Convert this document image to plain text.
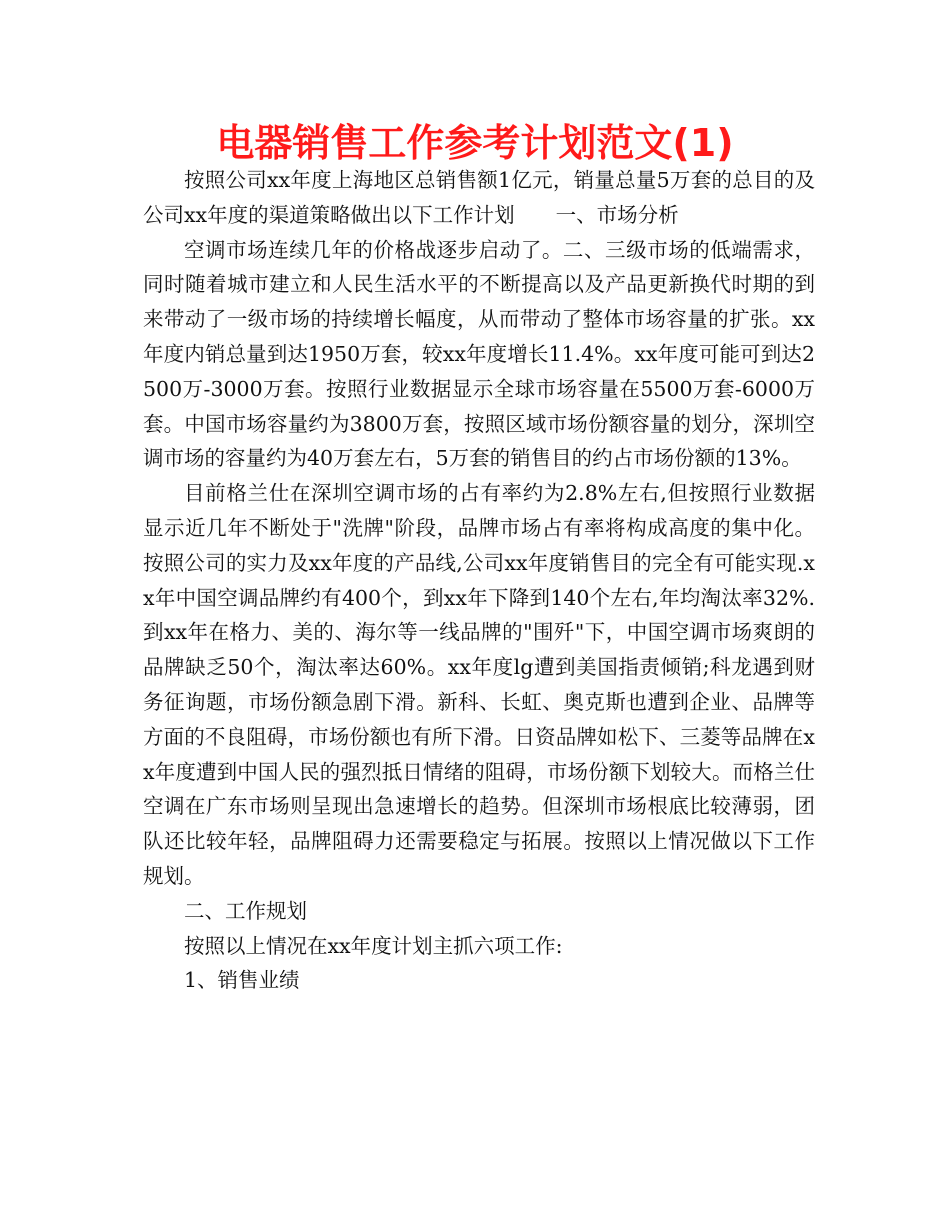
电器销售工作参考计划范文(1)

按照公司xx年度上海地区总销售额1亿元，销量总量5万套的总目的及公司xx年度的渠道策略做出以下工作计划　　一、市场分析

空调市场连续几年的价格战逐步启动了。二、三级市场的低端需求，同时随着城市建立和人民生活水平的不断提高以及产品更新换代时期的到来带动了一级市场的持续增长幅度，从而带动了整体市场容量的扩张。xx年度内销总量到达1950万套，较xx年度增长11.4%。xx年度可能可到达2500万-3000万套。按照行业数据显示全球市场容量在5500万套-6000万套。中国市场容量约为3800万套，按照区域市场份额容量的划分，深圳空调市场的容量约为40万套左右，5万套的销售目的约占市场份额的13%。

目前格兰仕在深圳空调市场的占有率约为2.8%左右,但按照行业数据显示近几年不断处于"洗牌"阶段，品牌市场占有率将构成高度的集中化。按照公司的实力及xx年度的产品线,公司xx年度销售目的完全有可能实现.xx年中国空调品牌约有400个，到xx年下降到140个左右,年均淘汰率32%.到xx年在格力、美的、海尔等一线品牌的"围歼"下，中国空调市场爽朗的品牌缺乏50个，淘汰率达60%。xx年度lg遭到美国指责倾销;科龙遇到财务征询题，市场份额急剧下滑。新科、长虹、奥克斯也遭到企业、品牌等方面的不良阻碍，市场份额也有所下滑。日资品牌如松下、三菱等品牌在xx年度遭到中国人民的强烈抵日情绪的阻碍，市场份额下划较大。而格兰仕空调在广东市场则呈现出急速增长的趋势。但深圳市场根底比较薄弱，团队还比较年轻，品牌阻碍力还需要稳定与拓展。按照以上情况做以下工作规划。

二、工作规划

按照以上情况在xx年度计划主抓六项工作:

1、销售业绩
